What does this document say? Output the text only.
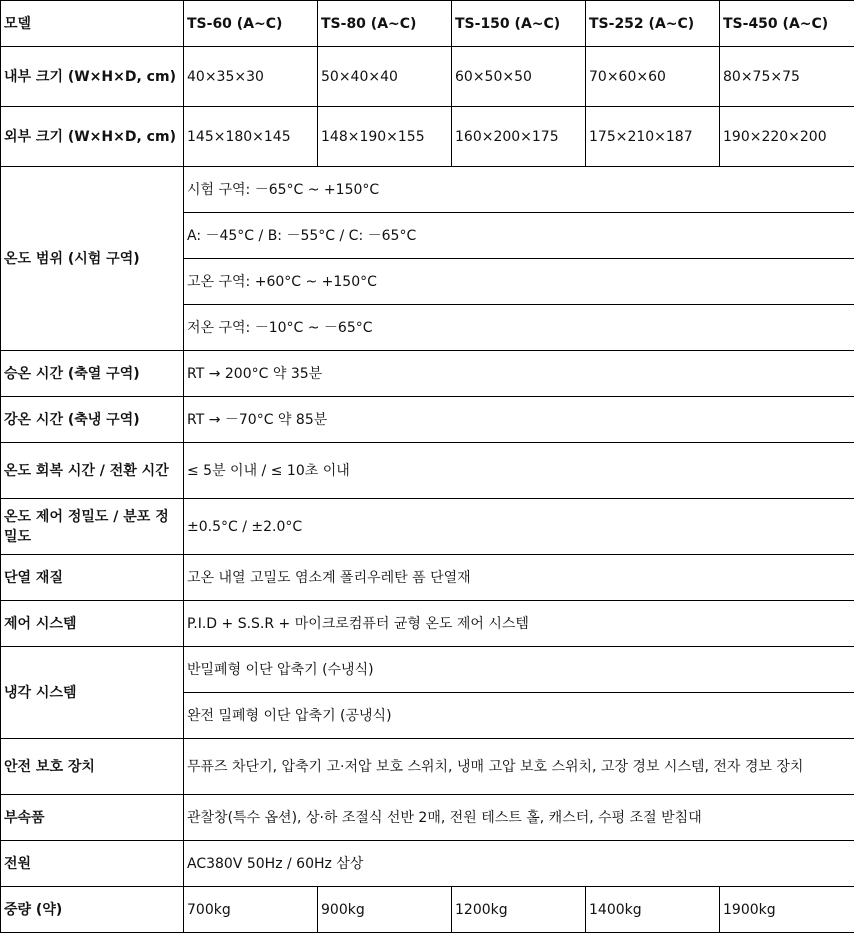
모델	TS-60 (A~C)	TS-80 (A~C)	TS-150 (A~C)	TS-252 (A~C)	TS-450 (A~C)
내부 크기 (W×H×D, cm)	40×35×30	50×40×40	60×50×50	70×60×60	80×75×75
외부 크기 (W×H×D, cm)	145×180×145	148×190×155	160×200×175	175×210×187	190×220×200
온도 범위 (시험 구역)	시험 구역: －65°C ~ +150°C				
	A: －45°C / B: －55°C / C: －65°C				
	고온 구역: +60°C ~ +150°C				
	저온 구역: －10°C ~ －65°C				
승온 시간 (축열 구역)	RT → 200°C 약 35분				
강온 시간 (축냉 구역)	RT → －70°C 약 85분				
온도 회복 시간 / 전환 시간	≤ 5분 이내 / ≤ 10초 이내				
온도 제어 정밀도 / 분포 정밀도	±0.5°C / ±2.0°C				
단열 재질	고온 내열 고밀도 염소계 폴리우레탄 폼 단열재				
제어 시스템	P.I.D + S.S.R + 마이크로컴퓨터 균형 온도 제어 시스템				
냉각 시스템	반밀폐형 이단 압축기 (수냉식)				
	완전 밀폐형 이단 압축기 (공냉식)				
안전 보호 장치	무퓨즈 차단기, 압축기 고·저압 보호 스위치, 냉매 고압 보호 스위치, 고장 경보 시스템, 전자 경보 장치				
부속품	관찰창(특수 옵션), 상·하 조절식 선반 2매, 전원 테스트 홀, 캐스터, 수평 조절 받침대				
전원	AC380V 50Hz / 60Hz 삼상				
중량 (약)	700kg	900kg	1200kg	1400kg	1900kg
